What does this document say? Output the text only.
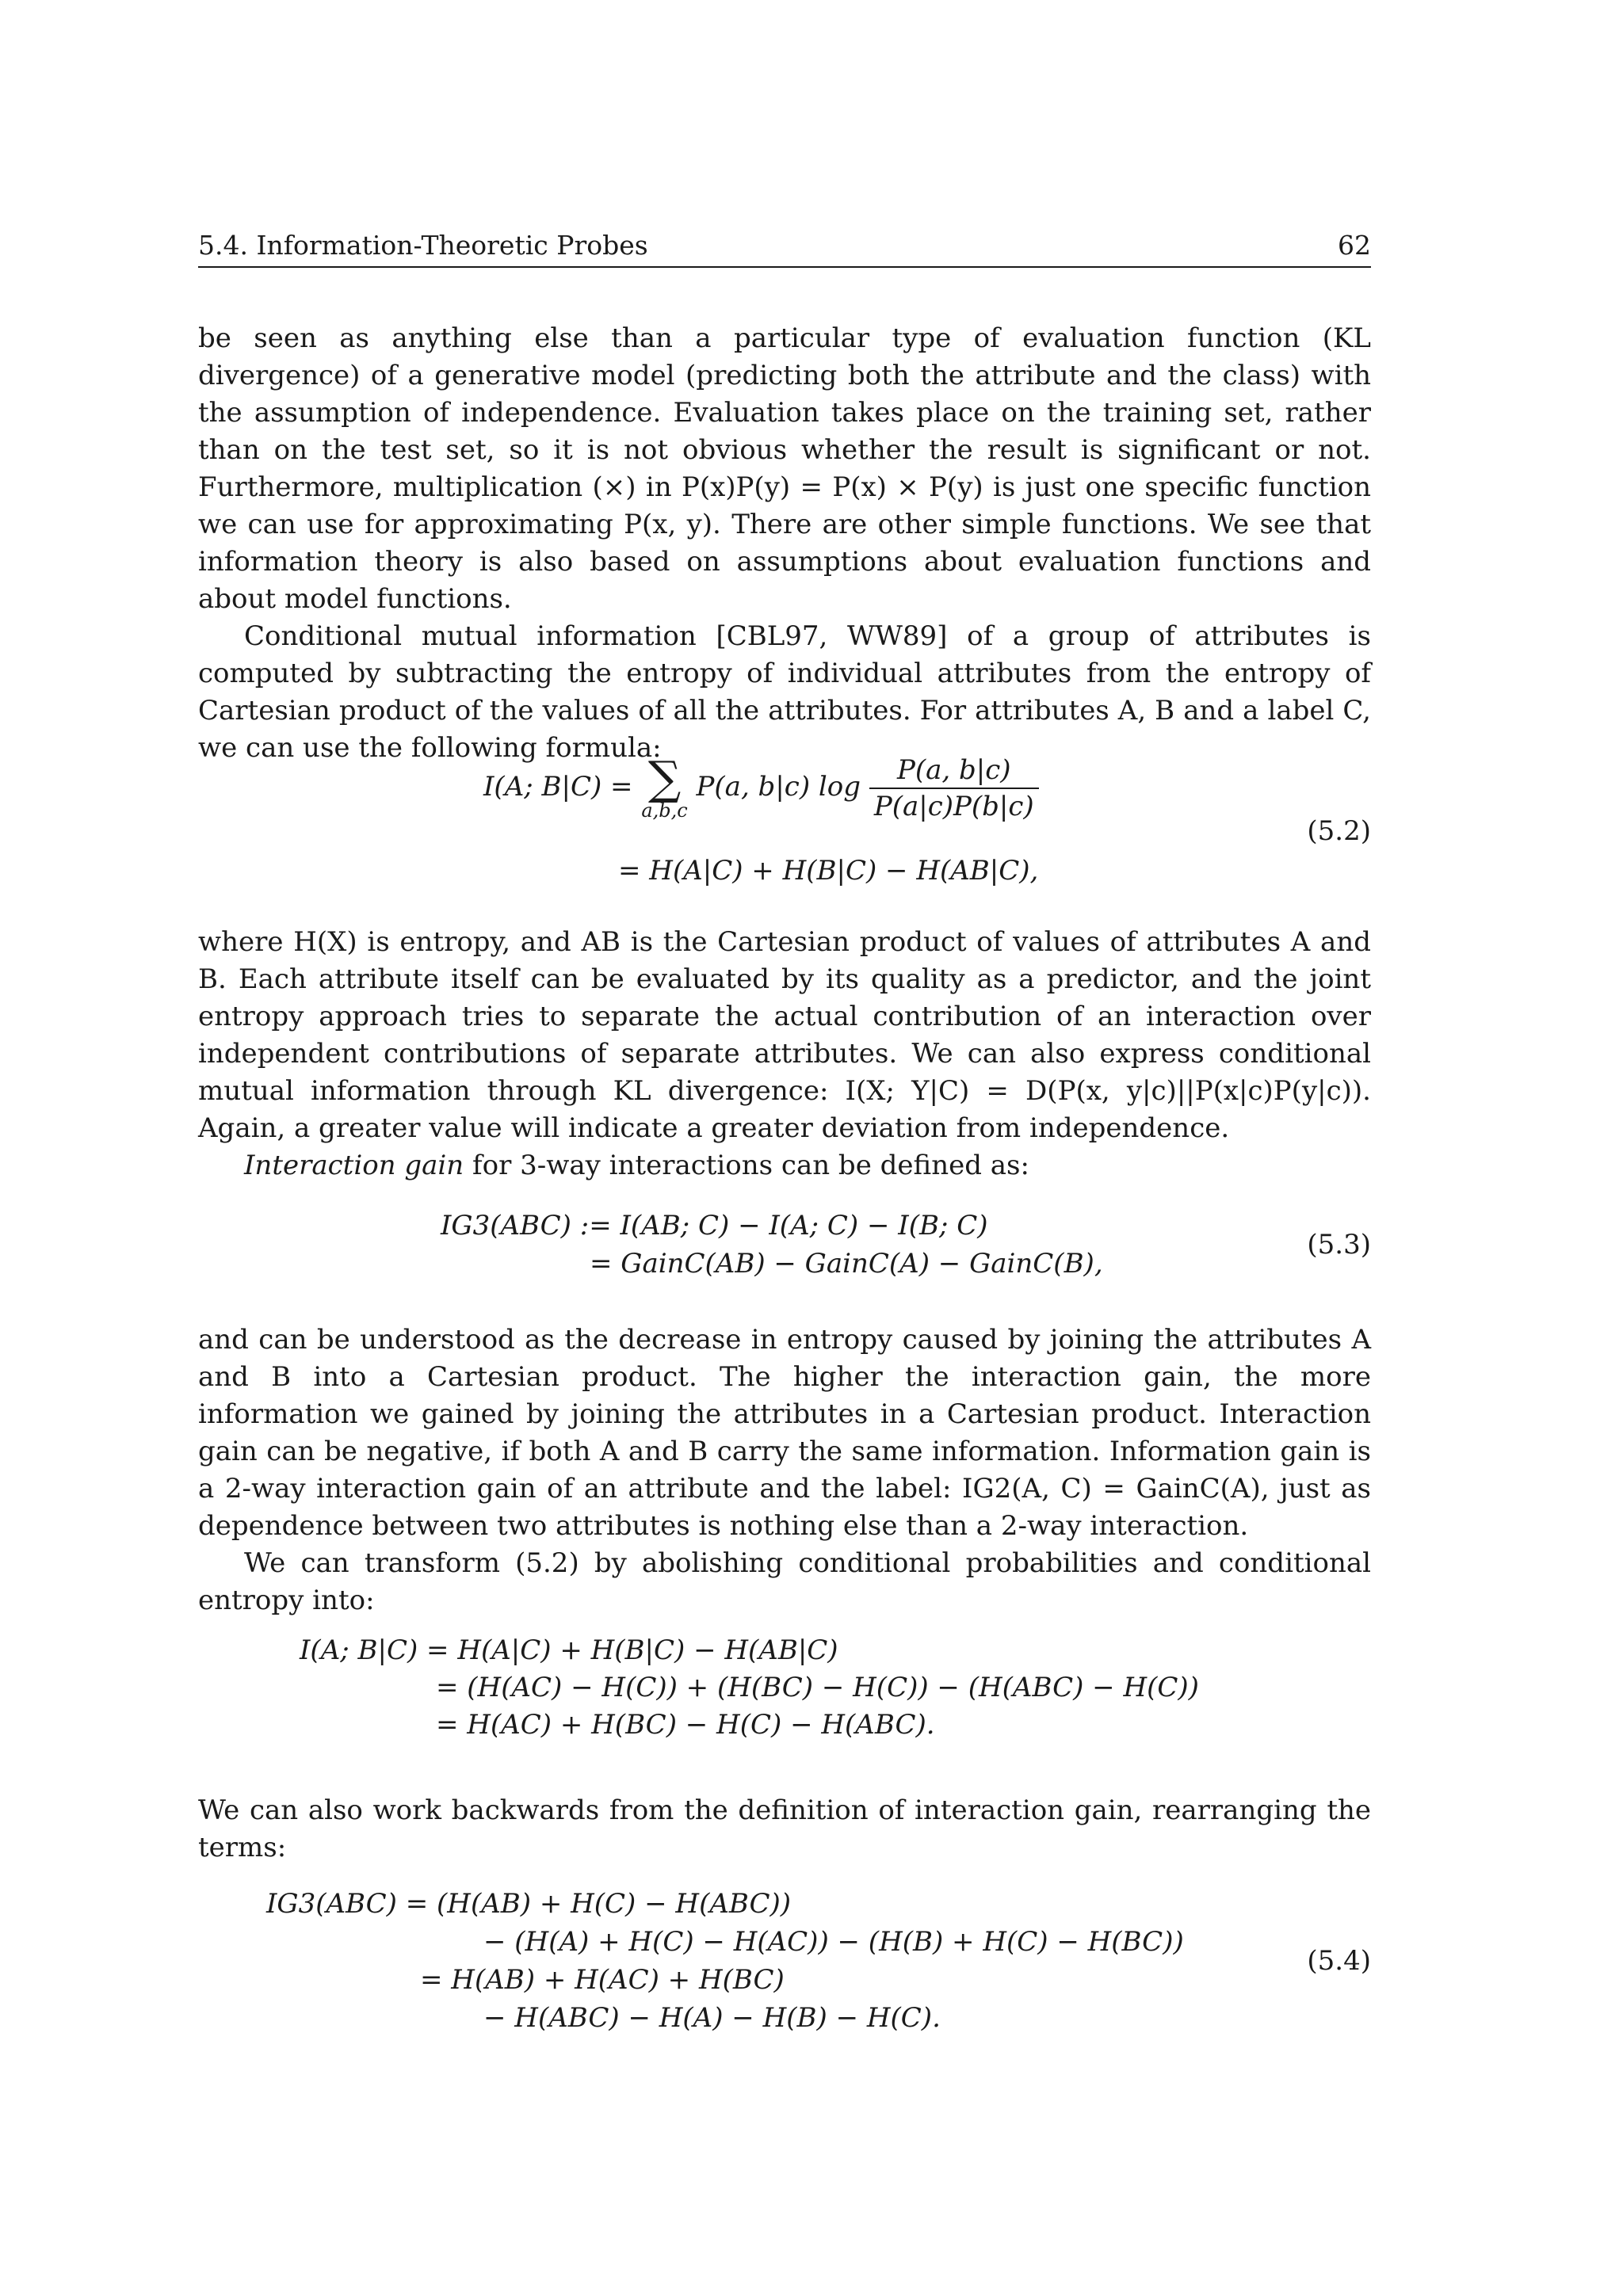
5.4. Information-Theoretic Probes	62

be seen as anything else than a particular type of evaluation function (KL divergence) of a generative model (predicting both the attribute and the class) with the assumption of independence. Evaluation takes place on the training set, rather than on the test set, so it is not obvious whether the result is significant or not. Furthermore, multiplication (×) in P(x)P(y) = P(x) × P(y) is just one specific function we can use for approximating P(x, y). There are other simple functions. We see that information theory is also based on assumptions about evaluation functions and about model functions.

Conditional mutual information [CBL97, WW89] of a group of attributes is computed by subtracting the entropy of individual attributes from the entropy of Cartesian product of the values of all the attributes. For attributes A, B and a label C, we can use the following formula:

I(A; B|C) = ∑
a,b,c
P(a, b|c) $\log \frac{P(a, b|c)}{P(a|c)P(b|c)}$
= H(A|C) + H(B|C) − H(AB|C),
(5.2)

where H(X) is entropy, and AB is the Cartesian product of values of attributes A and B. Each attribute itself can be evaluated by its quality as a predictor, and the joint entropy approach tries to separate the actual contribution of an interaction over independent contributions of separate attributes. We can also express conditional mutual information through KL divergence: I(X; Y|C) = D(P(x, y|c)||P(x|c)P(y|c)). Again, a greater value will indicate a greater deviation from independence.

Interaction gain for 3-way interactions can be defined as:

IG3(ABC) := I(AB; C) − I(A; C) − I(B; C)
= GainC(AB) − GainC(A) − GainC(B),
(5.3)

and can be understood as the decrease in entropy caused by joining the attributes A and B into a Cartesian product. The higher the interaction gain, the more information we gained by joining the attributes in a Cartesian product. Interaction gain can be negative, if both A and B carry the same information. Information gain is a 2-way interaction gain of an attribute and the label: IG2(A, C) = GainC(A), just as dependence between two attributes is nothing else than a 2-way interaction.

We can transform (5.2) by abolishing conditional probabilities and conditional entropy into:

I(A; B|C) = H(A|C) + H(B|C) − H(AB|C)
= (H(AC) − H(C)) + (H(BC) − H(C)) − (H(ABC) − H(C))
= H(AC) + H(BC) − H(C) − H(ABC).

We can also work backwards from the definition of interaction gain, rearranging the terms:

IG3(ABC) = (H(AB) + H(C) − H(ABC))
− (H(A) + H(C) − H(AC)) − (H(B) + H(C) − H(BC))
= H(AB) + H(AC) + H(BC)
− H(ABC) − H(A) − H(B) − H(C).
(5.4)
